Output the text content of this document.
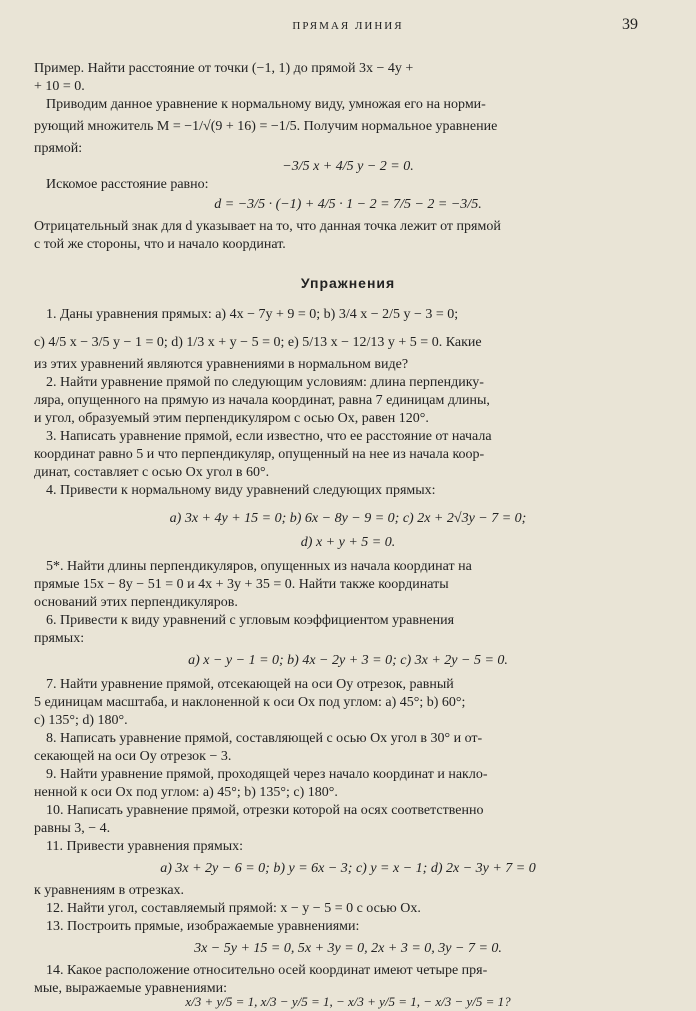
ПРЯМАЯ ЛИНИЯ	39
Пример. Найти расстояние от точки (−1, 1) до прямой 3x − 4y +
+ 10 = 0.
Приводим данное уравнение к нормальному виду, умножая его на норми-
рующий множитель M = −1/√(9 + 16) = −1/5. Получим нормальное уравнение
прямой:
−3/5 x + 4/5 y − 2 = 0.
Искомое расстояние равно:
d = −3/5 · (−1) + 4/5 · 1 − 2 = 7/5 − 2 = −3/5.
Отрицательный знак для d указывает на то, что данная точка лежит от прямой
с той же стороны, что и начало координат.
Упражнения
1. Даны уравнения прямых: a) 4x − 7y + 9 = 0; b) 3/4 x − 2/5 y − 3 = 0;
c) 4/5 x − 3/5 y − 1 = 0; d) 1/3 x + y − 5 = 0; e) 5/13 x − 12/13 y + 5 = 0. Какие
из этих уравнений являются уравнениями в нормальном виде?
2. Найти уравнение прямой по следующим условиям: длина перпендику-
ляра, опущенного на прямую из начала координат, равна 7 единицам длины,
и угол, образуемый этим перпендикуляром с осью Ox, равен 120°.
3. Написать уравнение прямой, если известно, что ее расстояние от начала
координат равно 5 и что перпендикуляр, опущенный на нее из начала коор-
динат, составляет с осью Ox угол в 60°.
4. Привести к нормальному виду уравнений следующих прямых:
a) 3x + 4y + 15 = 0; b) 6x − 8y − 9 = 0; c) 2x + 2√3y − 7 = 0;
d) x + y + 5 = 0.
5*. Найти длины перпендикуляров, опущенных из начала координат на
прямые 15x − 8y − 51 = 0 и 4x + 3y + 35 = 0. Найти также координаты
оснований этих перпендикуляров.
6. Привести к виду уравнений с угловым коэффициентом уравнения
прямых:
a) x − y − 1 = 0; b) 4x − 2y + 3 = 0; c) 3x + 2y − 5 = 0.
7. Найти уравнение прямой, отсекающей на оси Oy отрезок, равный
5 единицам масштаба, и наклоненной к оси Ox под углом: a) 45°; b) 60°;
c) 135°; d) 180°.
8. Написать уравнение прямой, составляющей с осью Ox угол в 30° и от-
секающей на оси Oy отрезок − 3.
9. Найти уравнение прямой, проходящей через начало координат и накло-
ненной к оси Ox под углом: a) 45°; b) 135°; c) 180°.
10. Написать уравнение прямой, отрезки которой на осях соответственно
равны 3, − 4.
11. Привести уравнения прямых:
a) 3x + 2y − 6 = 0; b) y = 6x − 3; c) y = x − 1; d) 2x − 3y + 7 = 0
к уравнениям в отрезках.
12. Найти угол, составляемый прямой: x − y − 5 = 0 с осью Ox.
13. Построить прямые, изображаемые уравнениями:
3x − 5y + 15 = 0, 5x + 3y = 0, 2x + 3 = 0, 3y − 7 = 0.
14. Какое расположение относительно осей координат имеют четыре пря-
мые, выражаемые уравнениями:
x/3 + y/5 = 1, x/3 − y/5 = 1, − x/3 + y/5 = 1, − x/3 − y/5 = 1?
